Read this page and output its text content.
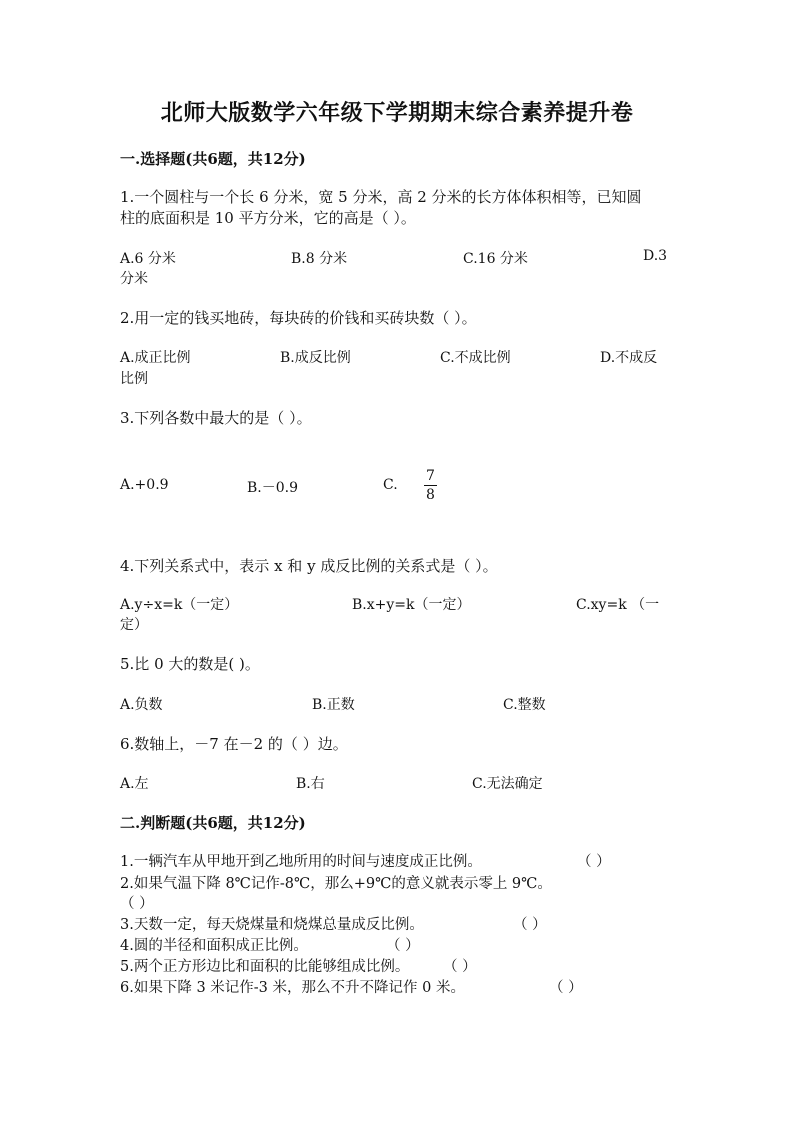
北师大版数学六年级下学期期末综合素养提升卷
一.选择题(共6题，共12分)
1.一个圆柱与一个长 6 分米，宽 5 分米，高 2 分米的长方体体积相等，已知圆
柱的底面积是 10 平方分米，它的高是（ ）。
A.6 分米	B.8 分米	C.16 分米	D.3
分米
2.用一定的钱买地砖，每块砖的价钱和买砖块数（ ）。
A.成正比例	B.成反比例	C.不成比例	D.不成反
比例
3.下列各数中最大的是（ ）。
A.+0.9	B.－0.9	C. $\frac{7}{8}$
4.下列关系式中，表示 x 和 y 成反比例的关系式是（ ）。
A.y÷x=k（一定）	B.x+y=k（一定）	C.xy=k （一
定）
5.比 0 大的数是( )。
A.负数	B.正数	C.整数
6.数轴上，－7 在－2 的（ ）边。
A.左	B.右	C.无法确定
二.判断题(共6题，共12分)
1.一辆汽车从甲地开到乙地所用的时间与速度成正比例。	（ ）
2.如果气温下降 8℃记作-8℃，那么+9℃的意义就表示零上 9℃。
（ ）
3.天数一定，每天烧煤量和烧煤总量成反比例。	（ ）
4.圆的半径和面积成正比例。	（ ）
5.两个正方形边比和面积的比能够组成比例。 （ ）
6.如果下降 3 米记作-3 米，那么不升不降记作 0 米。	（ ）
